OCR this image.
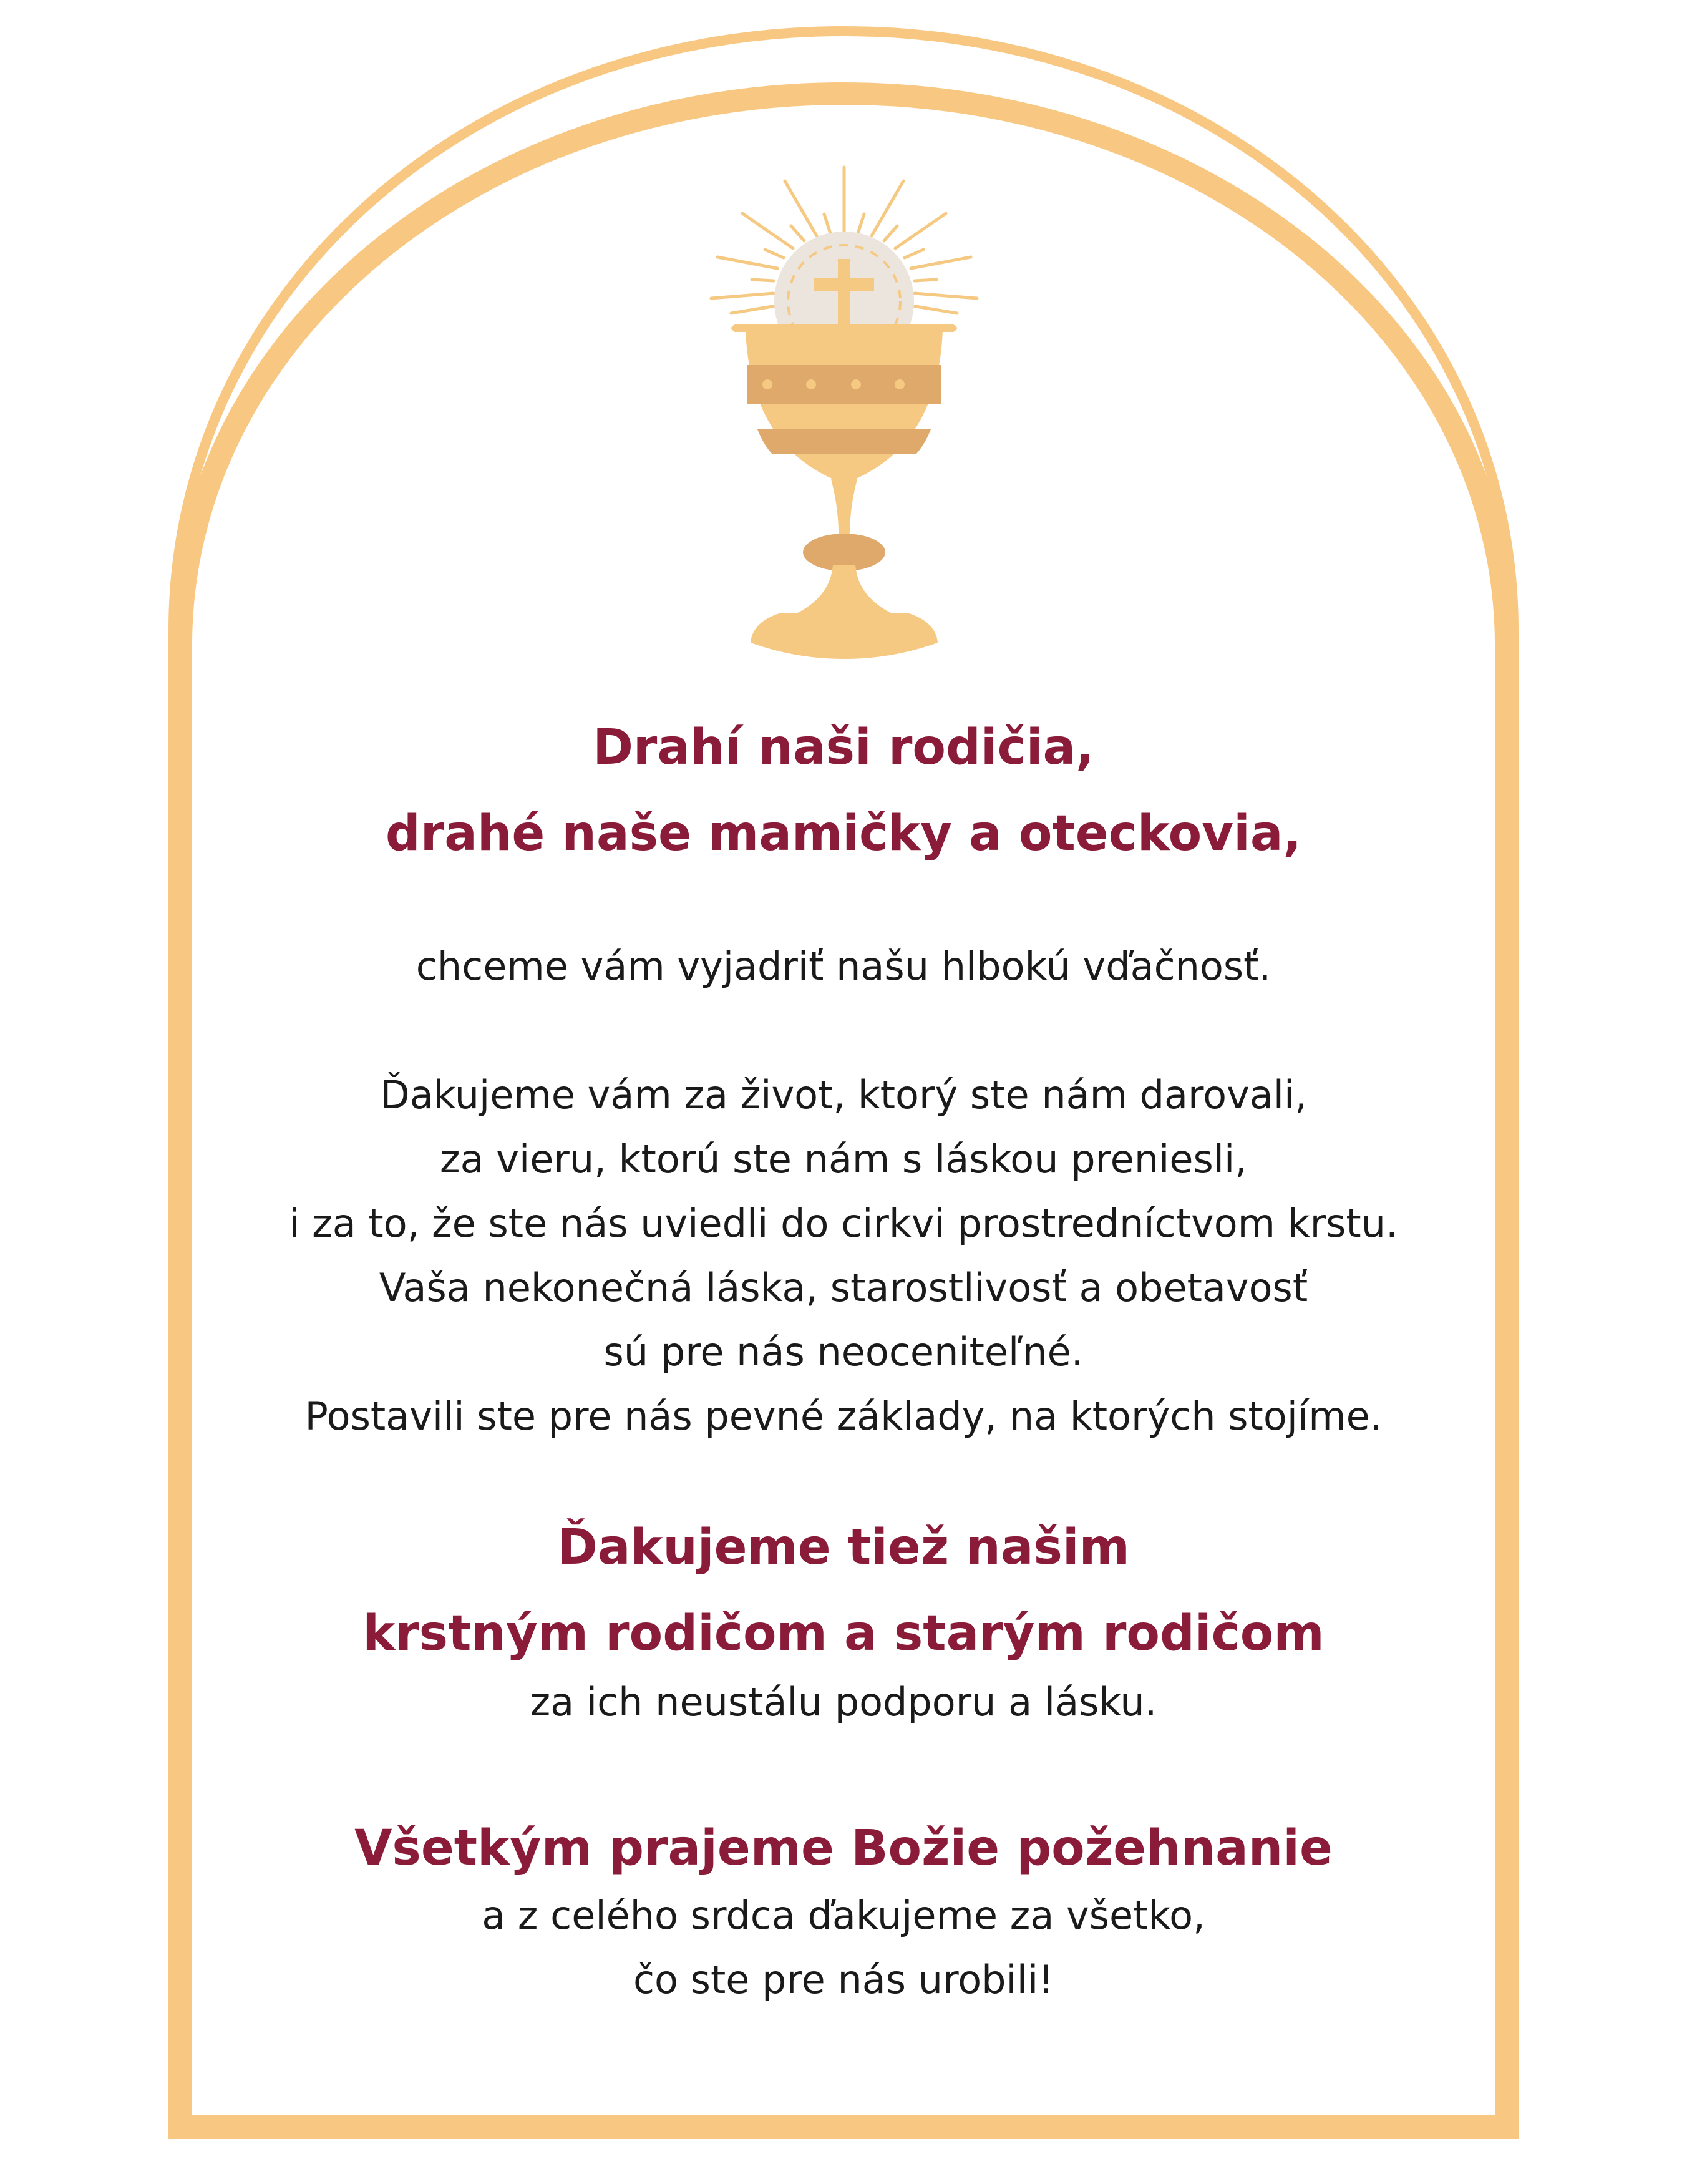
Drahí naši rodičia,
drahé naše mamičky a oteckovia,
chceme vám vyjadriť našu hlbokú vďačnosť.
Ďakujeme vám za život, ktorý ste nám darovali,
za vieru, ktorú ste nám s láskou preniesli,
i za to, že ste nás uviedli do cirkvi prostredníctvom krstu.
Vaša nekonečná láska, starostlivosť a obetavosť
sú pre nás neoceniteľné.
Postavili ste pre nás pevné základy, na ktorých stojíme.
Ďakujeme tiež našim
krstným rodičom a starým rodičom
za ich neustálu podporu a lásku.
Všetkým prajeme Božie požehnanie
a z celého srdca ďakujeme za všetko,
čo ste pre nás urobili!
